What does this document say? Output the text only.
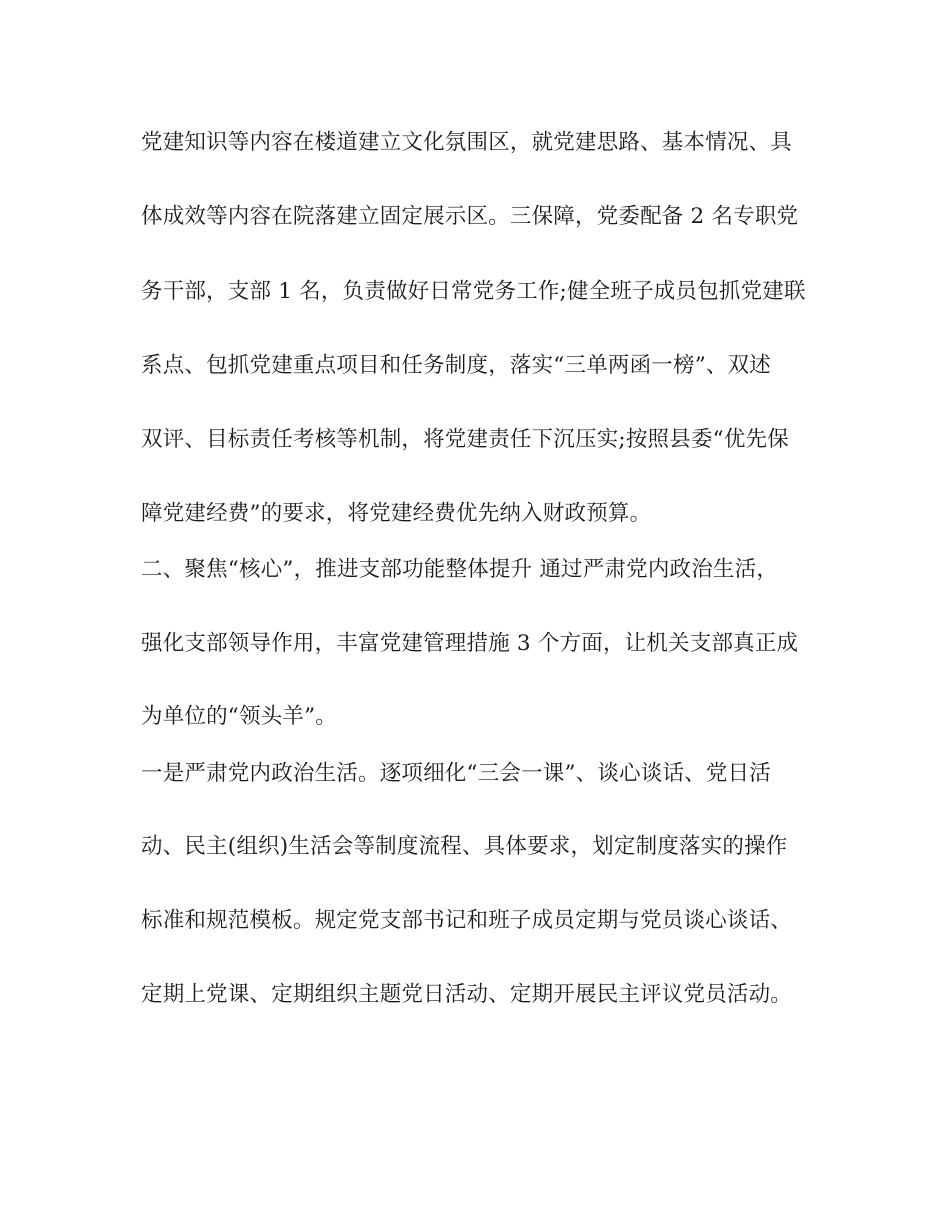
党建知识等内容在楼道建立文化氛围区，就党建思路、基本情况、具
体成效等内容在院落建立固定展示区。三保障，党委配备 2 名专职党
务干部，支部 1 名，负责做好日常党务工作;健全班子成员包抓党建联
系点、包抓党建重点项目和任务制度，落实“三单两函一榜”、双述
双评、目标责任考核等机制，将党建责任下沉压实;按照县委“优先保
障党建经费”的要求，将党建经费优先纳入财政预算。
二、聚焦“核心”，推进支部功能整体提升 通过严肃党内政治生活，
强化支部领导作用，丰富党建管理措施 3 个方面，让机关支部真正成
为单位的“领头羊”。
一是严肃党内政治生活。逐项细化“三会一课”、谈心谈话、党日活
动、民主(组织)生活会等制度流程、具体要求，划定制度落实的操作
标准和规范模板。规定党支部书记和班子成员定期与党员谈心谈话、
定期上党课、定期组织主题党日活动、定期开展民主评议党员活动。
